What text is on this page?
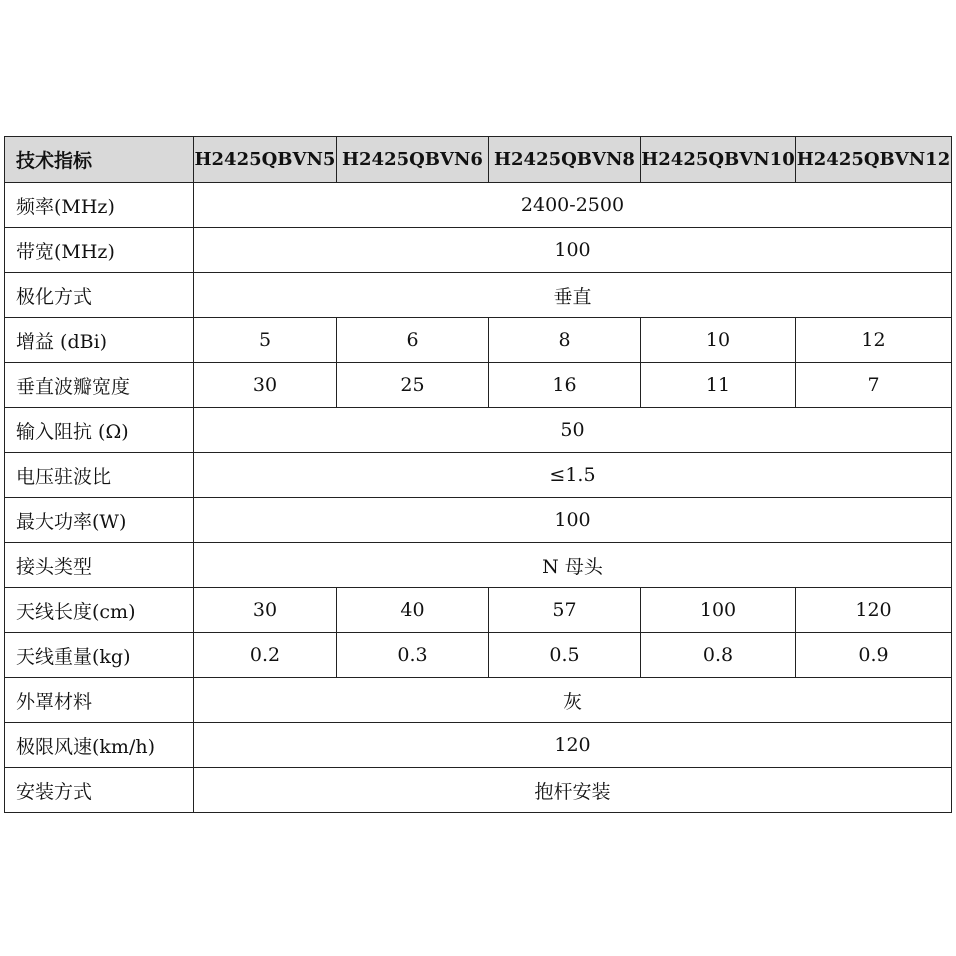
技术指标	H2425QBVN5	H2425QBVN6	H2425QBVN8	H2425QBVN10	H2425QBVN12
频率(MHz)	2400-2500				
带宽(MHz)	100				
极化方式	垂直				
增益 (dBi)	5	6	8	10	12
垂直波瓣宽度	30	25	16	11	7
输入阻抗 (Ω)	50				
电压驻波比	≤1.5				
最大功率(W)	100				
接头类型	N 母头				
天线长度(cm)	30	40	57	100	120
天线重量(kg)	0.2	0.3	0.5	0.8	0.9
外罩材料	灰				
极限风速(km/h)	120				
安装方式	抱杆安装				
